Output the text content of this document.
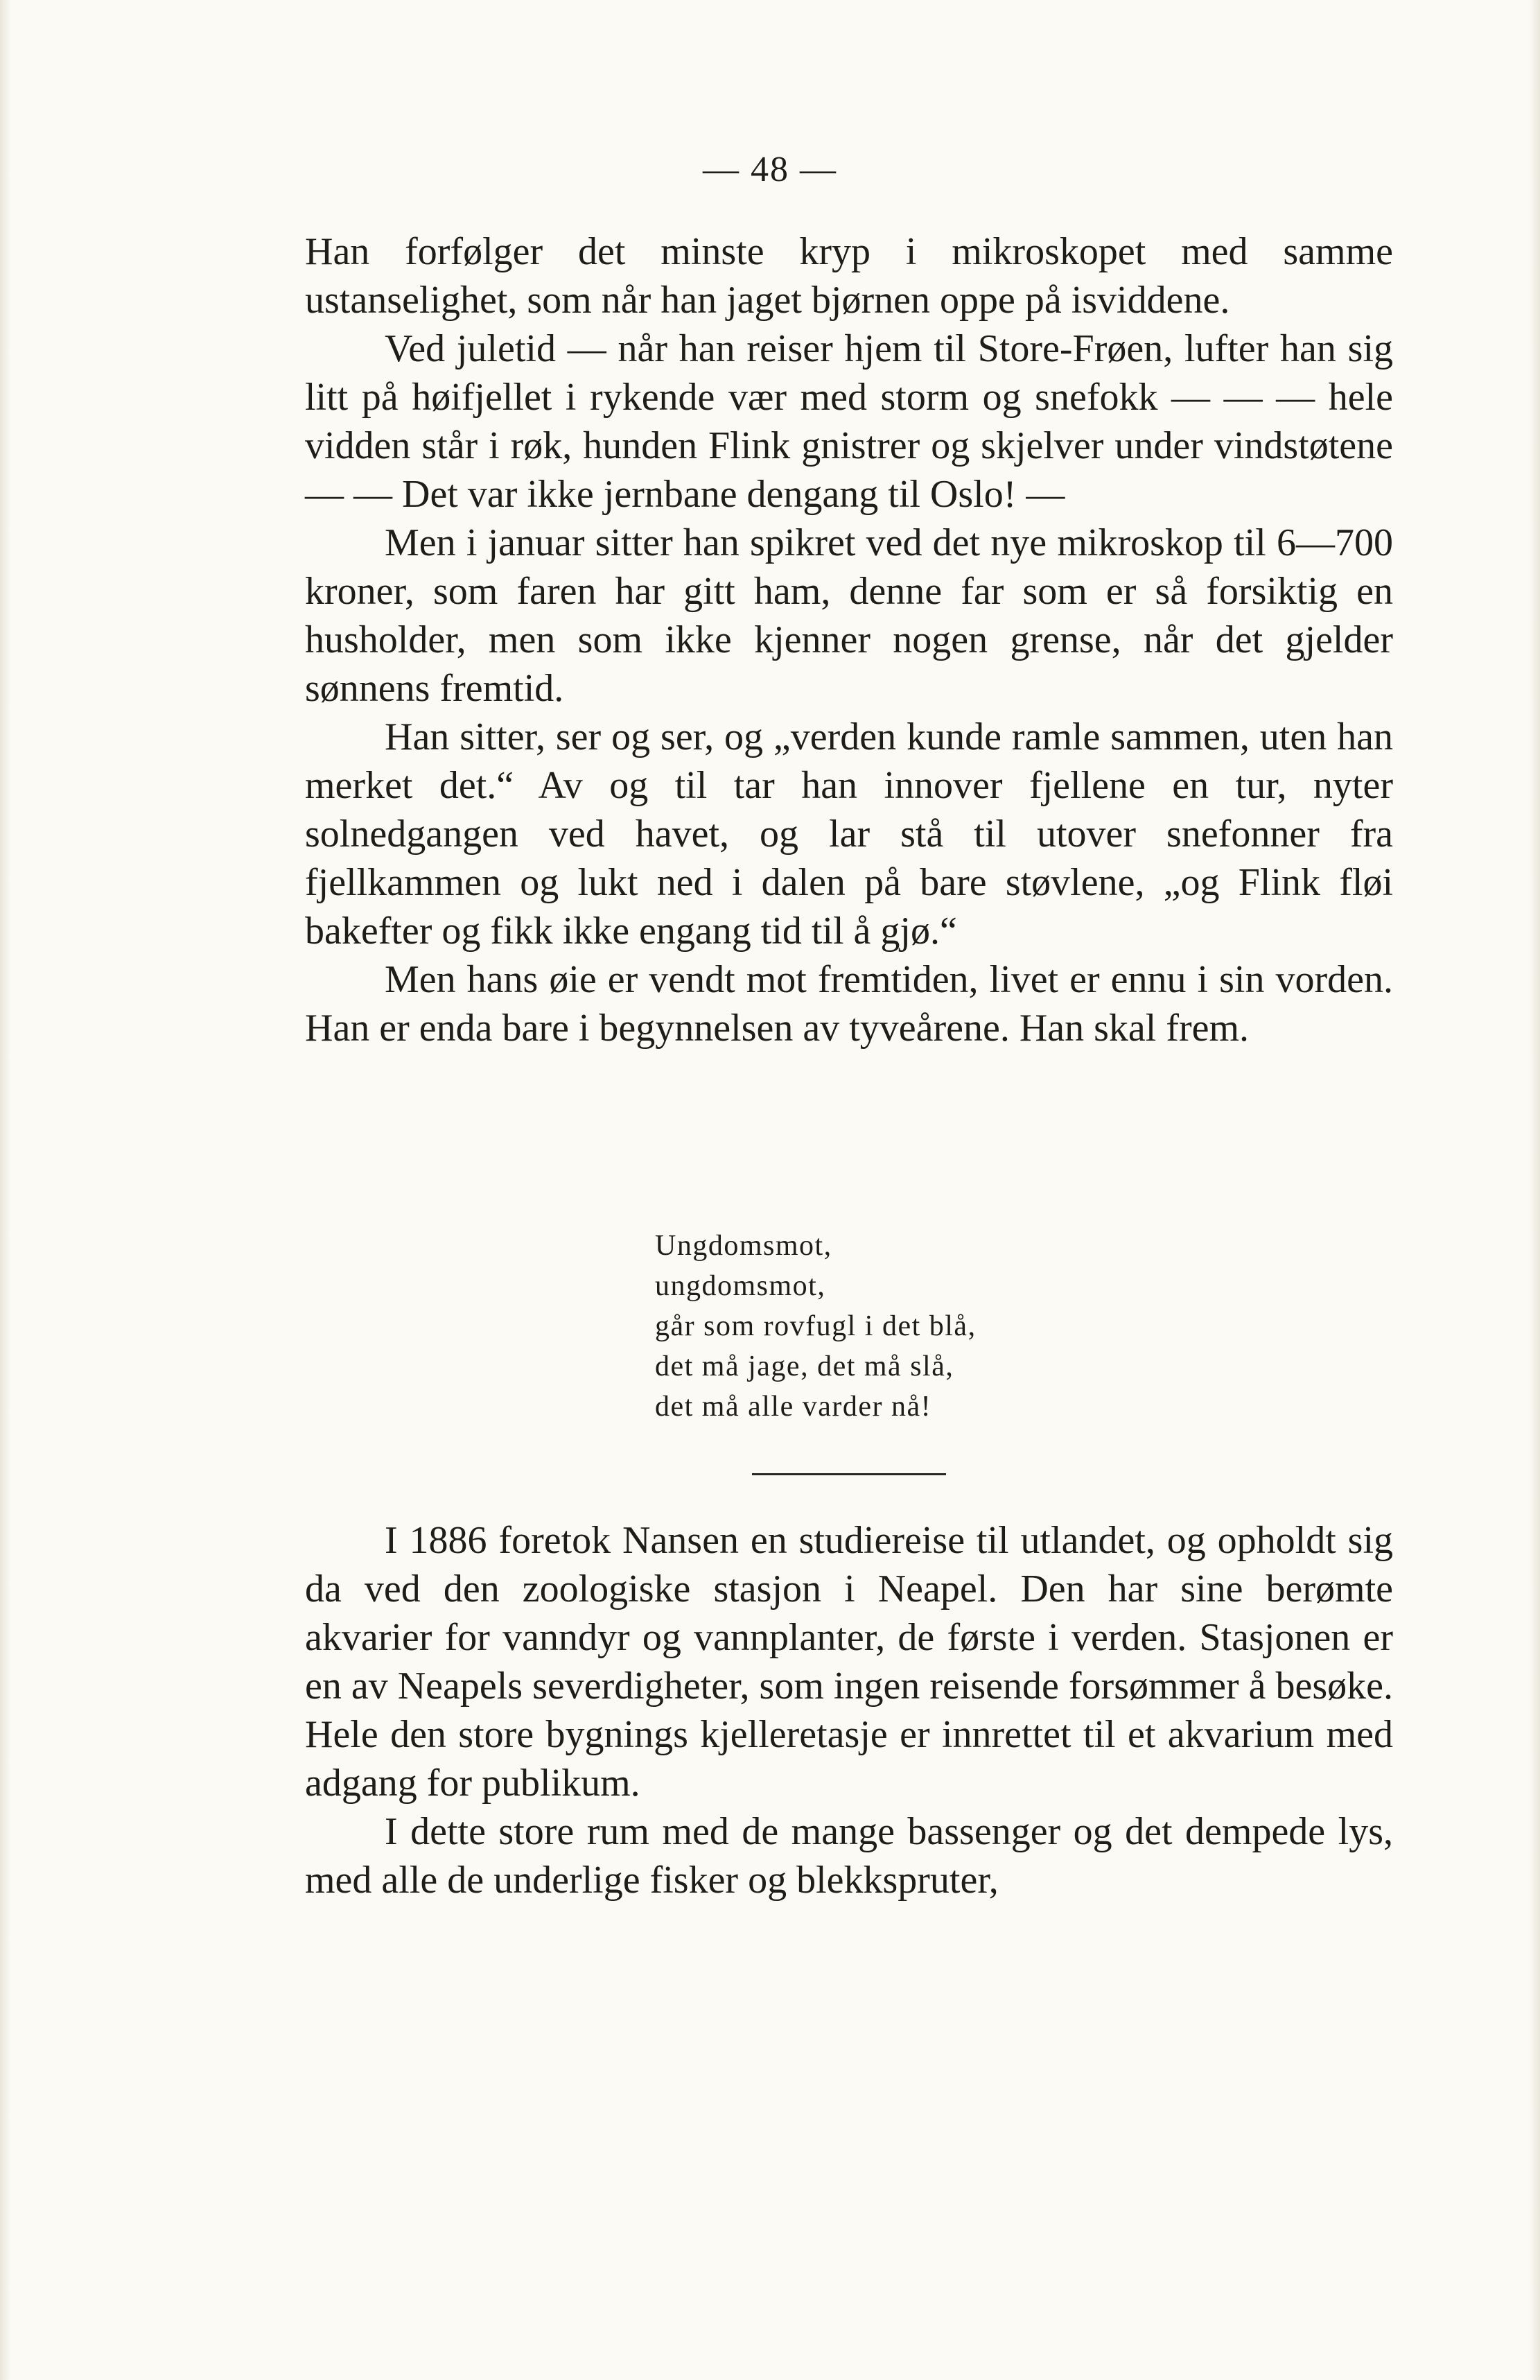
— 48 —

Han forfølger det minste kryp i mikroskopet med samme ustanselighet, som når han jaget bjørnen oppe på isviddene.

Ved juletid — når han reiser hjem til Store-Frøen, lufter han sig litt på høifjellet i rykende vær med storm og snefokk — — — hele vidden står i røk, hunden Flink gnistrer og skjelver under vindstøtene — — Det var ikke jernbane dengang til Oslo! —

Men i januar sitter han spikret ved det nye mikroskop til 6—700 kroner, som faren har gitt ham, denne far som er så forsiktig en husholder, men som ikke kjenner nogen grense, når det gjelder sønnens fremtid.

Han sitter, ser og ser, og „verden kunde ramle sammen, uten han merket det.“ Av og til tar han innover fjellene en tur, nyter solnedgangen ved havet, og lar stå til utover snefonner fra fjellkammen og lukt ned i dalen på bare støvlene, „og Flink fløi bakefter og fikk ikke engang tid til å gjø.“

Men hans øie er vendt mot fremtiden, livet er ennu i sin vorden. Han er enda bare i begynnelsen av tyveårene. Han skal frem.

Ungdomsmot,
ungdomsmot,
går som rovfugl i det blå,
det må jage, det må slå,
det må alle varder nå!

I 1886 foretok Nansen en studiereise til utlandet, og opholdt sig da ved den zoologiske stasjon i Neapel. Den har sine berømte akvarier for vanndyr og vannplanter, de første i verden. Stasjonen er en av Neapels severdigheter, som ingen reisende forsømmer å besøke. Hele den store bygnings kjelleretasje er innrettet til et akvarium med adgang for publikum.

I dette store rum med de mange bassenger og det dempede lys, med alle de underlige fisker og blekkspruter,
